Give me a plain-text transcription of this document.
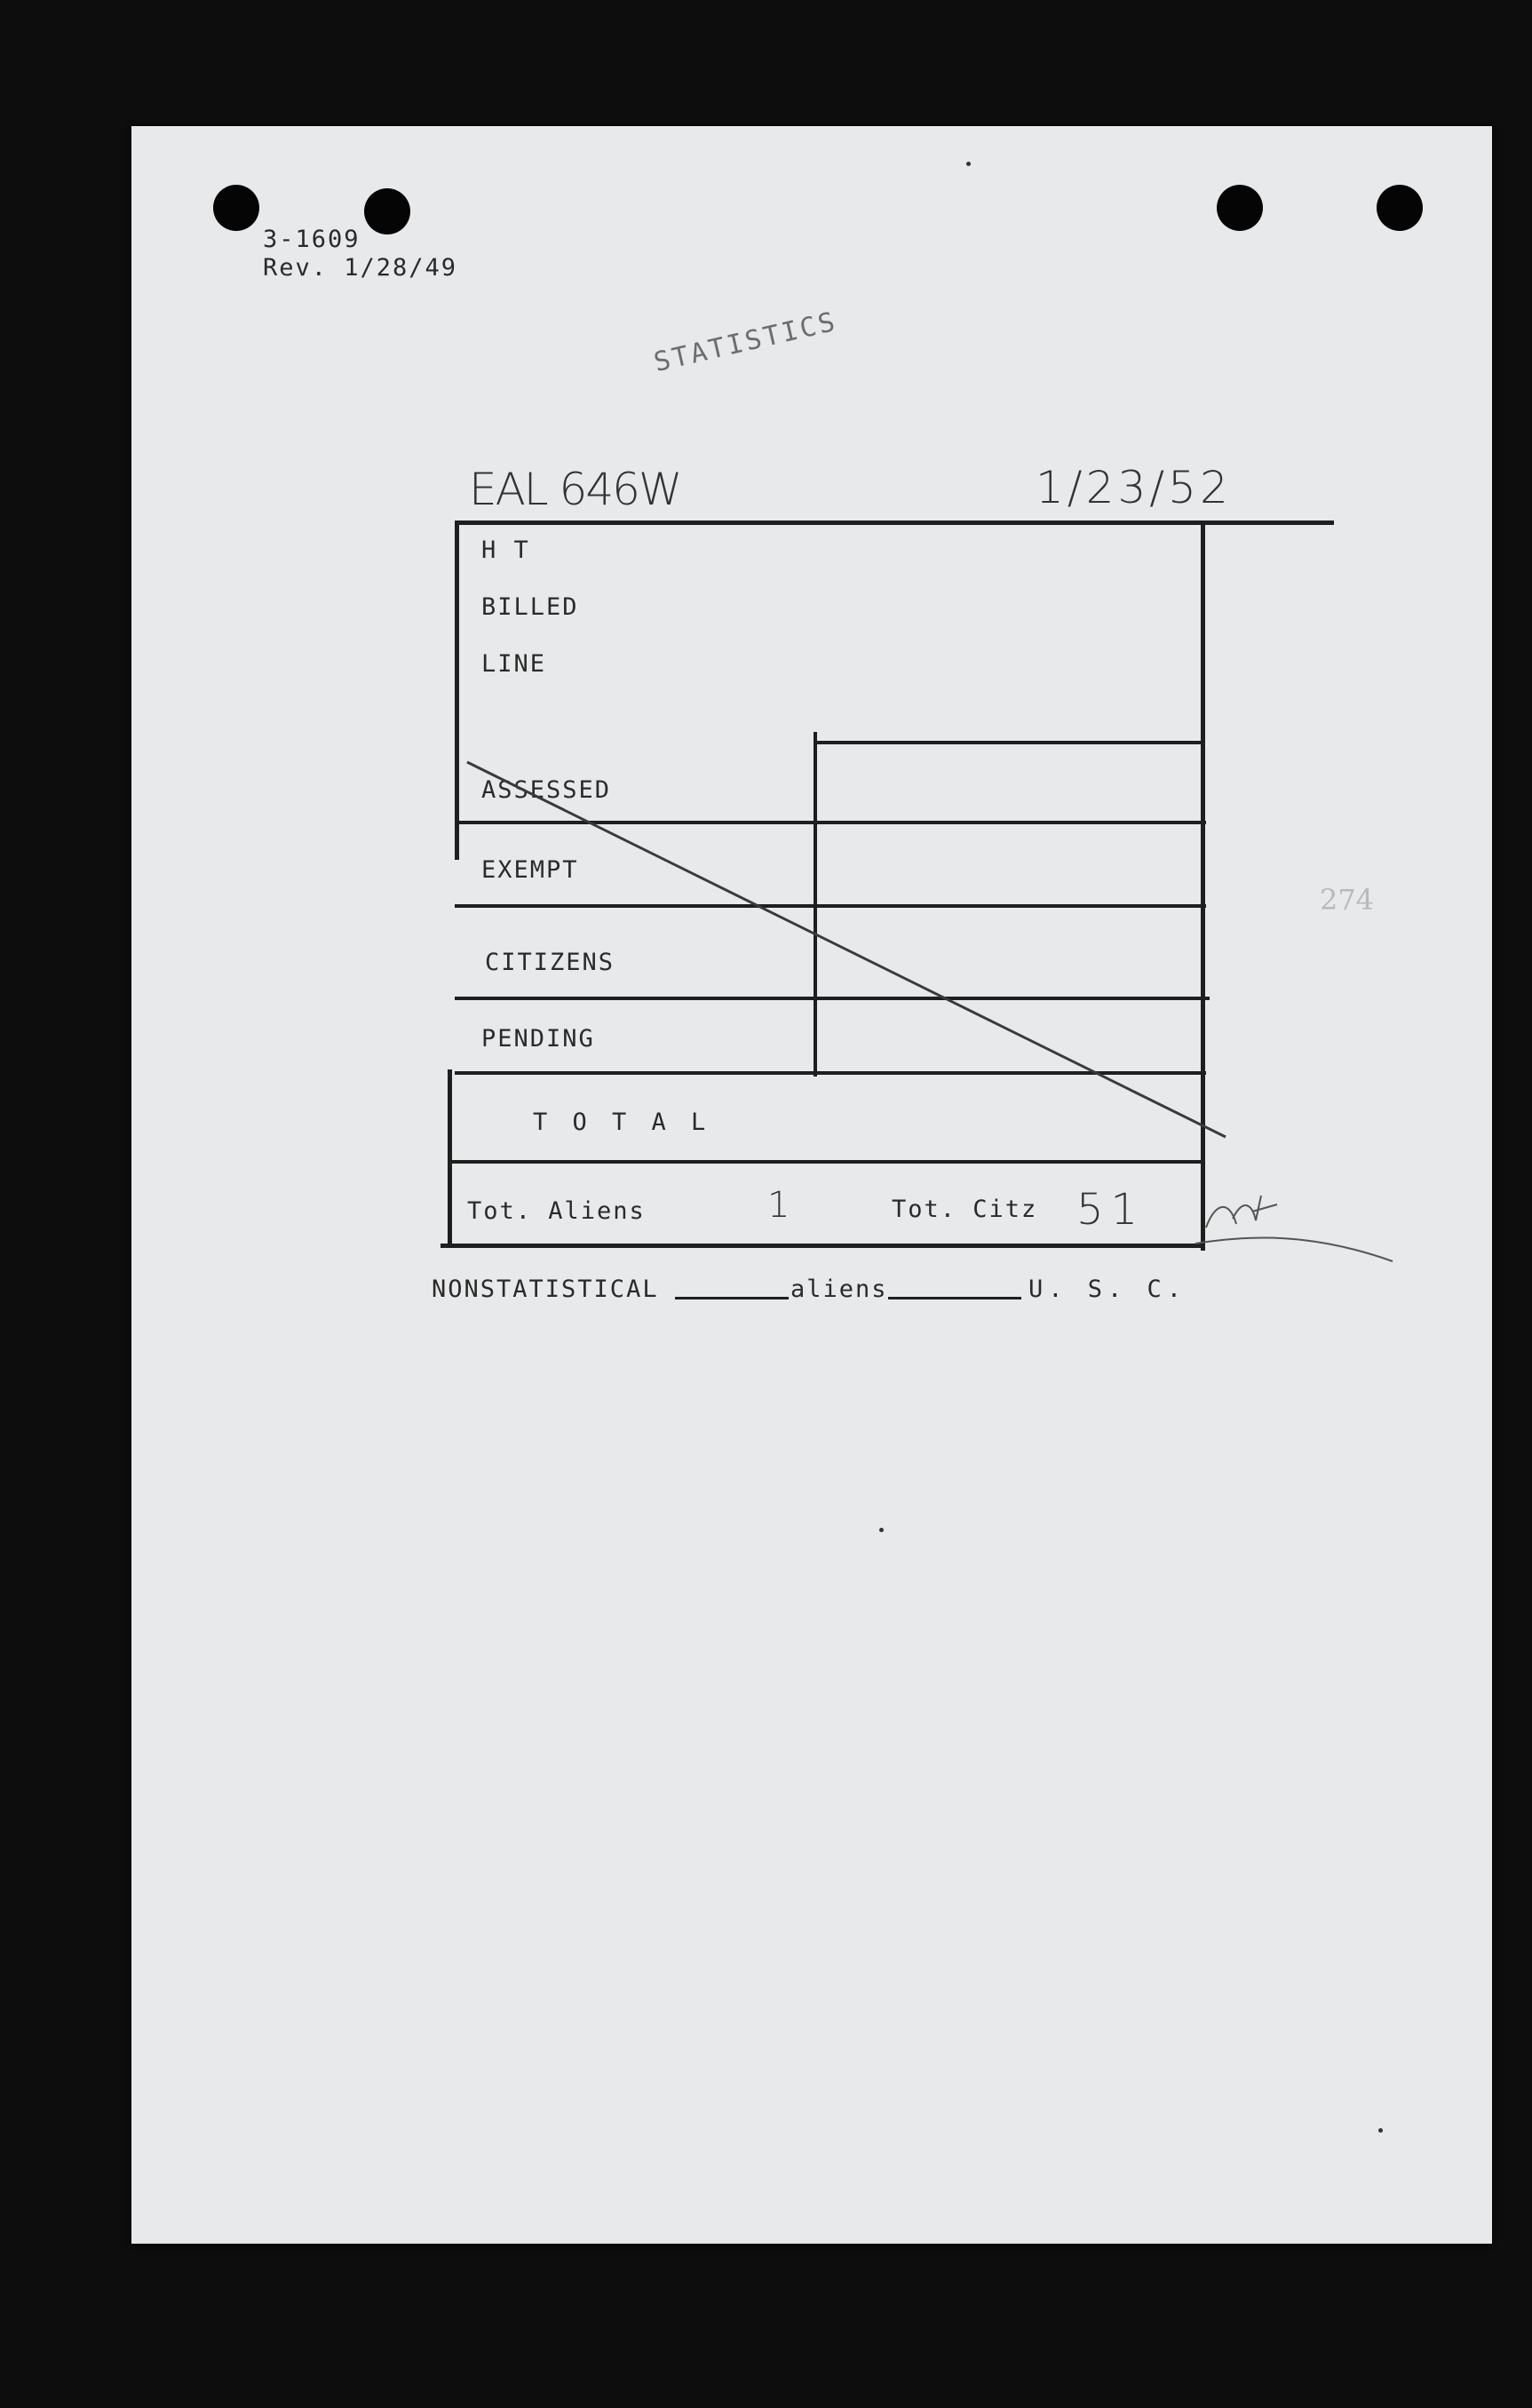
3-1609
Rev. 1/28/49
STATISTICS
274
EAL 646W	1/23/52
H T
BILLED
LINE
ASSESSED
EXEMPT
CITIZENS
PENDING
T O T A L
Tot. Aliens	1	Tot. Citz 51
NONSTATISTICAL	aliens	U. S. C.
